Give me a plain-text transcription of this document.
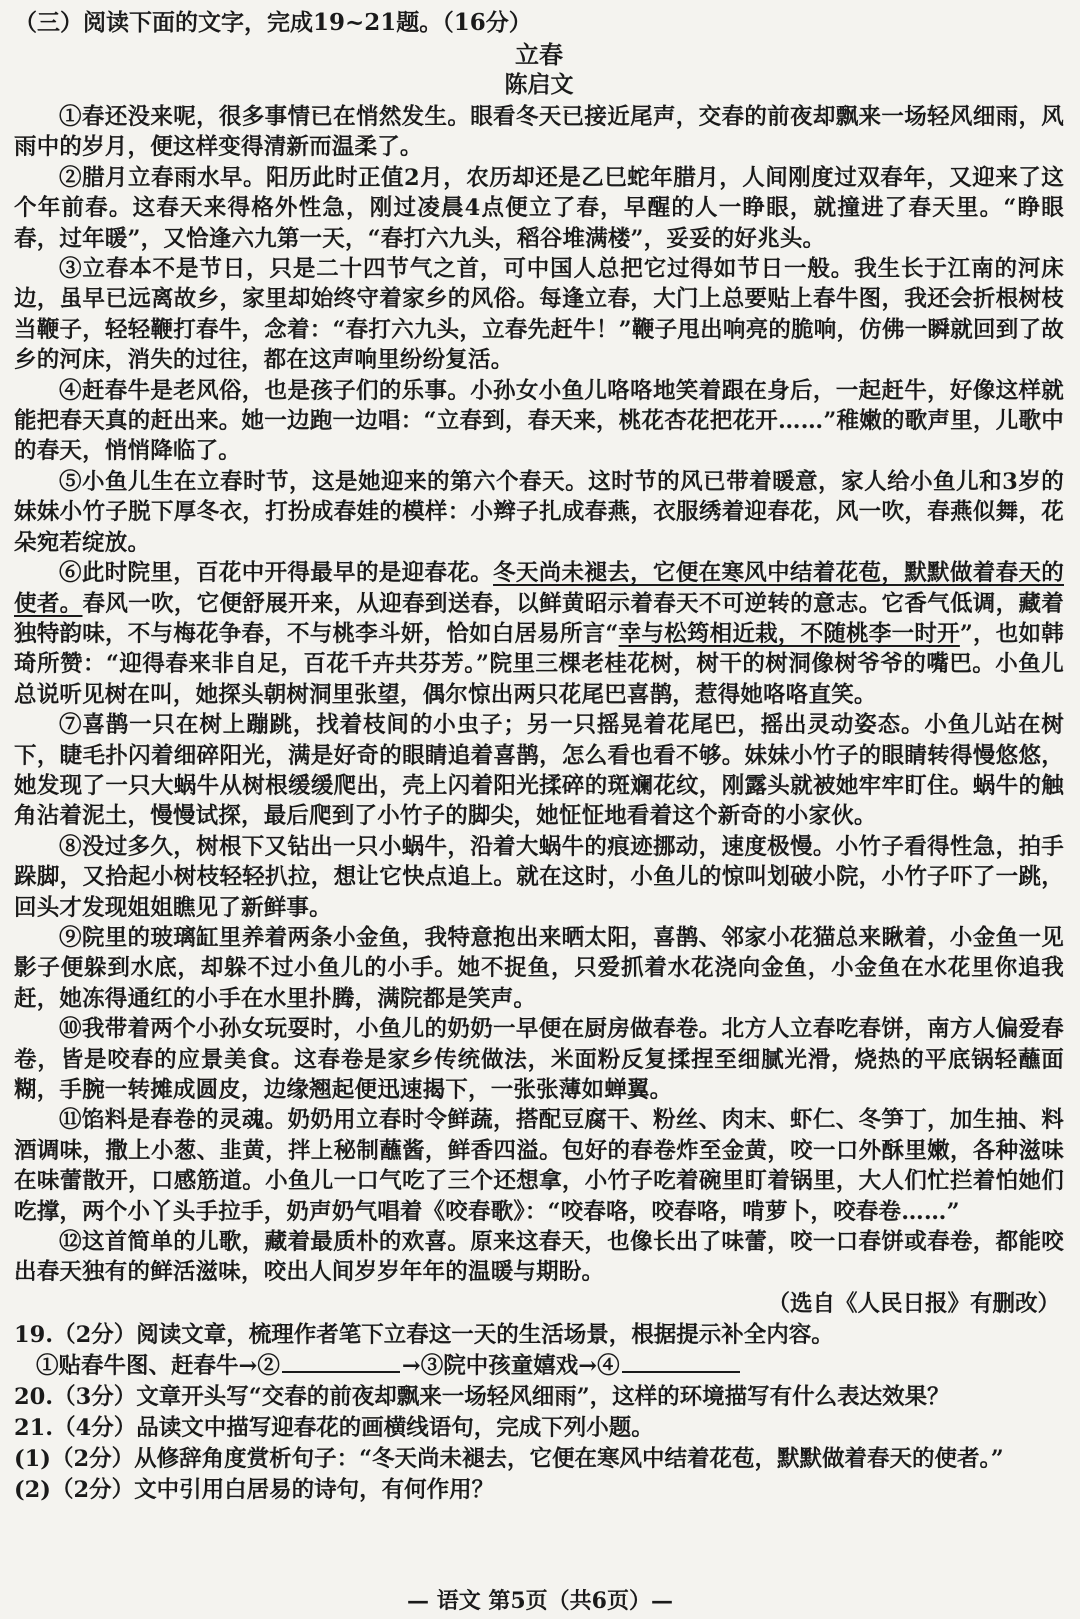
（三）阅读下面的文字，完成19~21题。（16分）

立春

陈启文

①春还没来呢，很多事情已在悄然发生。眼看冬天已接近尾声，交春的前夜却飘来一场轻风细雨，风雨中的岁月，便这样变得清新而温柔了。

②腊月立春雨水早。阳历此时正值2月，农历却还是乙巳蛇年腊月，人间刚度过双春年，又迎来了这个年前春。这春天来得格外性急，刚过凌晨4点便立了春，早醒的人一睁眼，就撞进了春天里。“睁眼春，过年暖”，又恰逢六九第一天，“春打六九头，稻谷堆满楼”，妥妥的好兆头。

③立春本不是节日，只是二十四节气之首，可中国人总把它过得如节日一般。我生长于江南的河床边，虽早已远离故乡，家里却始终守着家乡的风俗。每逢立春，大门上总要贴上春牛图，我还会折根树枝当鞭子，轻轻鞭打春牛，念着：“春打六九头，立春先赶牛！”鞭子甩出响亮的脆响，仿佛一瞬就回到了故乡的河床，消失的过往，都在这声响里纷纷复活。

④赶春牛是老风俗，也是孩子们的乐事。小孙女小鱼儿咯咯地笑着跟在身后，一起赶牛，好像这样就能把春天真的赶出来。她一边跑一边唱：“立春到，春天来，桃花杏花把花开……”稚嫩的歌声里，儿歌中的春天，悄悄降临了。

⑤小鱼儿生在立春时节，这是她迎来的第六个春天。这时节的风已带着暖意，家人给小鱼儿和3岁的妹妹小竹子脱下厚冬衣，打扮成春娃的模样：小辫子扎成春燕，衣服绣着迎春花，风一吹，春燕似舞，花朵宛若绽放。

⑥此时院里，百花中开得最早的是迎春花。冬天尚未褪去，它便在寒风中结着花苞，默默做着春天的使者。春风一吹，它便舒展开来，从迎春到送春，以鲜黄昭示着春天不可逆转的意志。它香气低调，藏着独特韵味，不与梅花争春，不与桃李斗妍，恰如白居易所言“幸与松筠相近栽，不随桃李一时开”，也如韩琦所赞：“迎得春来非自足，百花千卉共芬芳。”院里三棵老桂花树，树干的树洞像树爷爷的嘴巴。小鱼儿总说听见树在叫，她探头朝树洞里张望，偶尔惊出两只花尾巴喜鹊，惹得她咯咯直笑。

⑦喜鹊一只在树上蹦跳，找着枝间的小虫子；另一只摇晃着花尾巴，摇出灵动姿态。小鱼儿站在树下，睫毛扑闪着细碎阳光，满是好奇的眼睛追着喜鹊，怎么看也看不够。妹妹小竹子的眼睛转得慢悠悠，她发现了一只大蜗牛从树根缓缓爬出，壳上闪着阳光揉碎的斑斓花纹，刚露头就被她牢牢盯住。蜗牛的触角沾着泥土，慢慢试探，最后爬到了小竹子的脚尖，她怔怔地看着这个新奇的小家伙。

⑧没过多久，树根下又钻出一只小蜗牛，沿着大蜗牛的痕迹挪动，速度极慢。小竹子看得性急，拍手跺脚，又拾起小树枝轻轻扒拉，想让它快点追上。就在这时，小鱼儿的惊叫划破小院，小竹子吓了一跳，回头才发现姐姐瞧见了新鲜事。

⑨院里的玻璃缸里养着两条小金鱼，我特意抱出来晒太阳，喜鹊、邻家小花猫总来瞅着，小金鱼一见影子便躲到水底，却躲不过小鱼儿的小手。她不捉鱼，只爱抓着水花浇向金鱼，小金鱼在水花里你追我赶，她冻得通红的小手在水里扑腾，满院都是笑声。

⑩我带着两个小孙女玩耍时，小鱼儿的奶奶一早便在厨房做春卷。北方人立春吃春饼，南方人偏爱春卷，皆是咬春的应景美食。这春卷是家乡传统做法，米面粉反复揉捏至细腻光滑，烧热的平底锅轻蘸面糊，手腕一转摊成圆皮，边缘翘起便迅速揭下，一张张薄如蝉翼。

⑪馅料是春卷的灵魂。奶奶用立春时令鲜蔬，搭配豆腐干、粉丝、肉末、虾仁、冬笋丁，加生抽、料酒调味，撒上小葱、韭黄，拌上秘制蘸酱，鲜香四溢。包好的春卷炸至金黄，咬一口外酥里嫩，各种滋味在味蕾散开，口感筋道。小鱼儿一口气吃了三个还想拿，小竹子吃着碗里盯着锅里，大人们忙拦着怕她们吃撑，两个小丫头手拉手，奶声奶气唱着《咬春歌》：“咬春咯，咬春咯，啃萝卜，咬春卷……”

⑫这首简单的儿歌，藏着最质朴的欢喜。原来这春天，也像长出了味蕾，咬一口春饼或春卷，都能咬出春天独有的鲜活滋味，咬出人间岁岁年年的温暖与期盼。

（选自《人民日报》有删改）

19.（2分）阅读文章，梳理作者笔下立春这一天的生活场景，根据提示补全内容。

①贴春牛图、赶春牛→②	→③院中孩童嬉戏→④

20.（3分）文章开头写“交春的前夜却飘来一场轻风细雨”，这样的环境描写有什么表达效果？

21.（4分）品读文中描写迎春花的画横线语句，完成下列小题。

(1)（2分）从修辞角度赏析句子：“冬天尚未褪去，它便在寒风中结着花苞，默默做着春天的使者。”

(2)（2分）文中引用白居易的诗句，有何作用？

— 语文 第5页（共6页）—
